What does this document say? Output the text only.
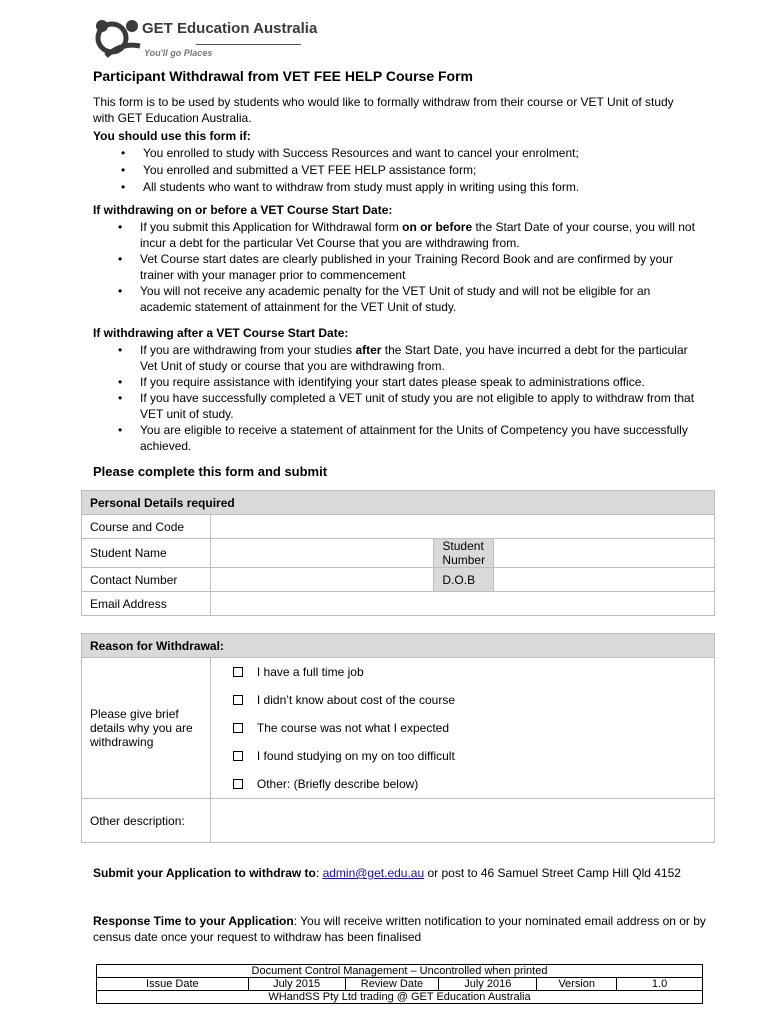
GET Education Australia
You'll go Places
Participant Withdrawal from VET FEE HELP Course Form
This form is to be used by students who would like to formally withdraw from their course or VET Unit of study with GET Education Australia.
You should use this form if:
• You enrolled to study with Success Resources and want to cancel your enrolment;
• You enrolled and submitted a VET FEE HELP assistance form;
• All students who want to withdraw from study must apply in writing using this form.
If withdrawing on or before a VET Course Start Date:
• If you submit this Application for Withdrawal form on or before the Start Date of your course, you will not incur a debt for the particular Vet Course that you are withdrawing from.
• Vet Course start dates are clearly published in your Training Record Book and are confirmed by your trainer with your manager prior to commencement
• You will not receive any academic penalty for the VET Unit of study and will not be eligible for an academic statement of attainment for the VET Unit of study.
If withdrawing after a VET Course Start Date:
• If you are withdrawing from your studies after the Start Date, you have incurred a debt for the particular Vet Unit of study or course that you are withdrawing from.
• If you require assistance with identifying your start dates please speak to administrations office.
• If you have successfully completed a VET unit of study you are not eligible to apply to withdraw from that VET unit of study.
• You are eligible to receive a statement of attainment for the Units of Competency you have successfully achieved.
Please complete this form and submit
Personal Details required			
Course and Code			
Student Name		Student Number	
Contact Number		D.O.B	
Email Address			
Reason for Withdrawal:	
Please give brief details why you are withdrawing	I have a full time job
I didn’t know about cost of the course
The course was not what I expected
I found studying on my on too difficult
Other: (Briefly describe below)

Other description:	
Submit your Application to withdraw to: admin@get.edu.au or post to 46 Samuel Street Camp Hill Qld 4152
Response Time to your Application: You will receive written notification to your nominated email address on or by census date once your request to withdraw has been finalised
Document Control Management – Uncontrolled when printed
Issue Date	July 2015	Review Date	July 2016	Version	1.0
WHandSS Pty Ltd trading @ GET Education Australia
